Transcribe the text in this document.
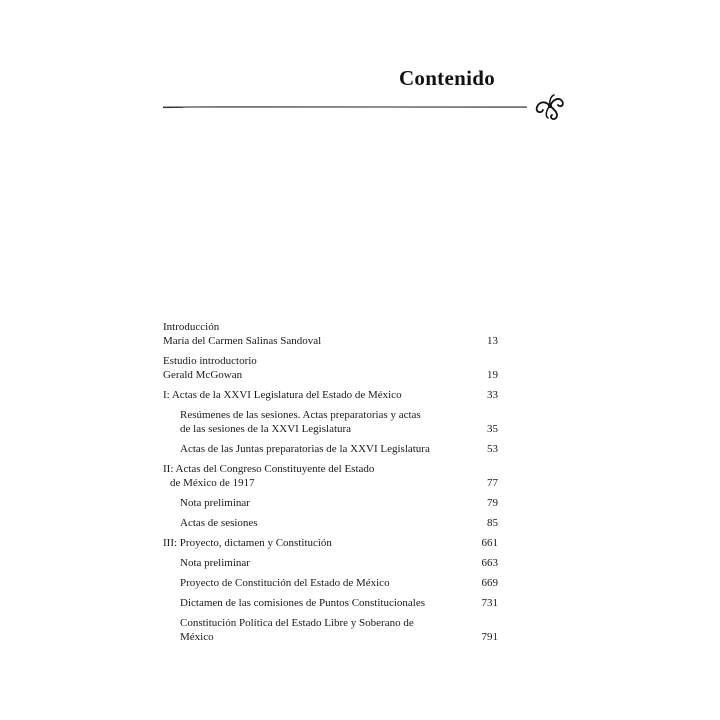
Contenido
Introducción
María del Carmen Salinas Sandoval	13
Estudio introductorio
Gerald McGowan	19
I: Actas de la XXVI Legislatura del Estado de México	33
Resúmenes de las sesiones. Actas preparatorias y actas
de las sesiones de la XXVI Legislatura	35
Actas de las Juntas preparatorias de la XXVI Legislatura	53
II: Actas del Congreso Constituyente del Estado
de México de 1917	77
Nota preliminar	79
Actas de sesiones	85
III: Proyecto, dictamen y Constitución	661
Nota preliminar	663
Proyecto de Constitución del Estado de México	669
Dictamen de las comisiones de Puntos Constitucionales	731
Constitución Política del Estado Libre y Soberano de México	791
